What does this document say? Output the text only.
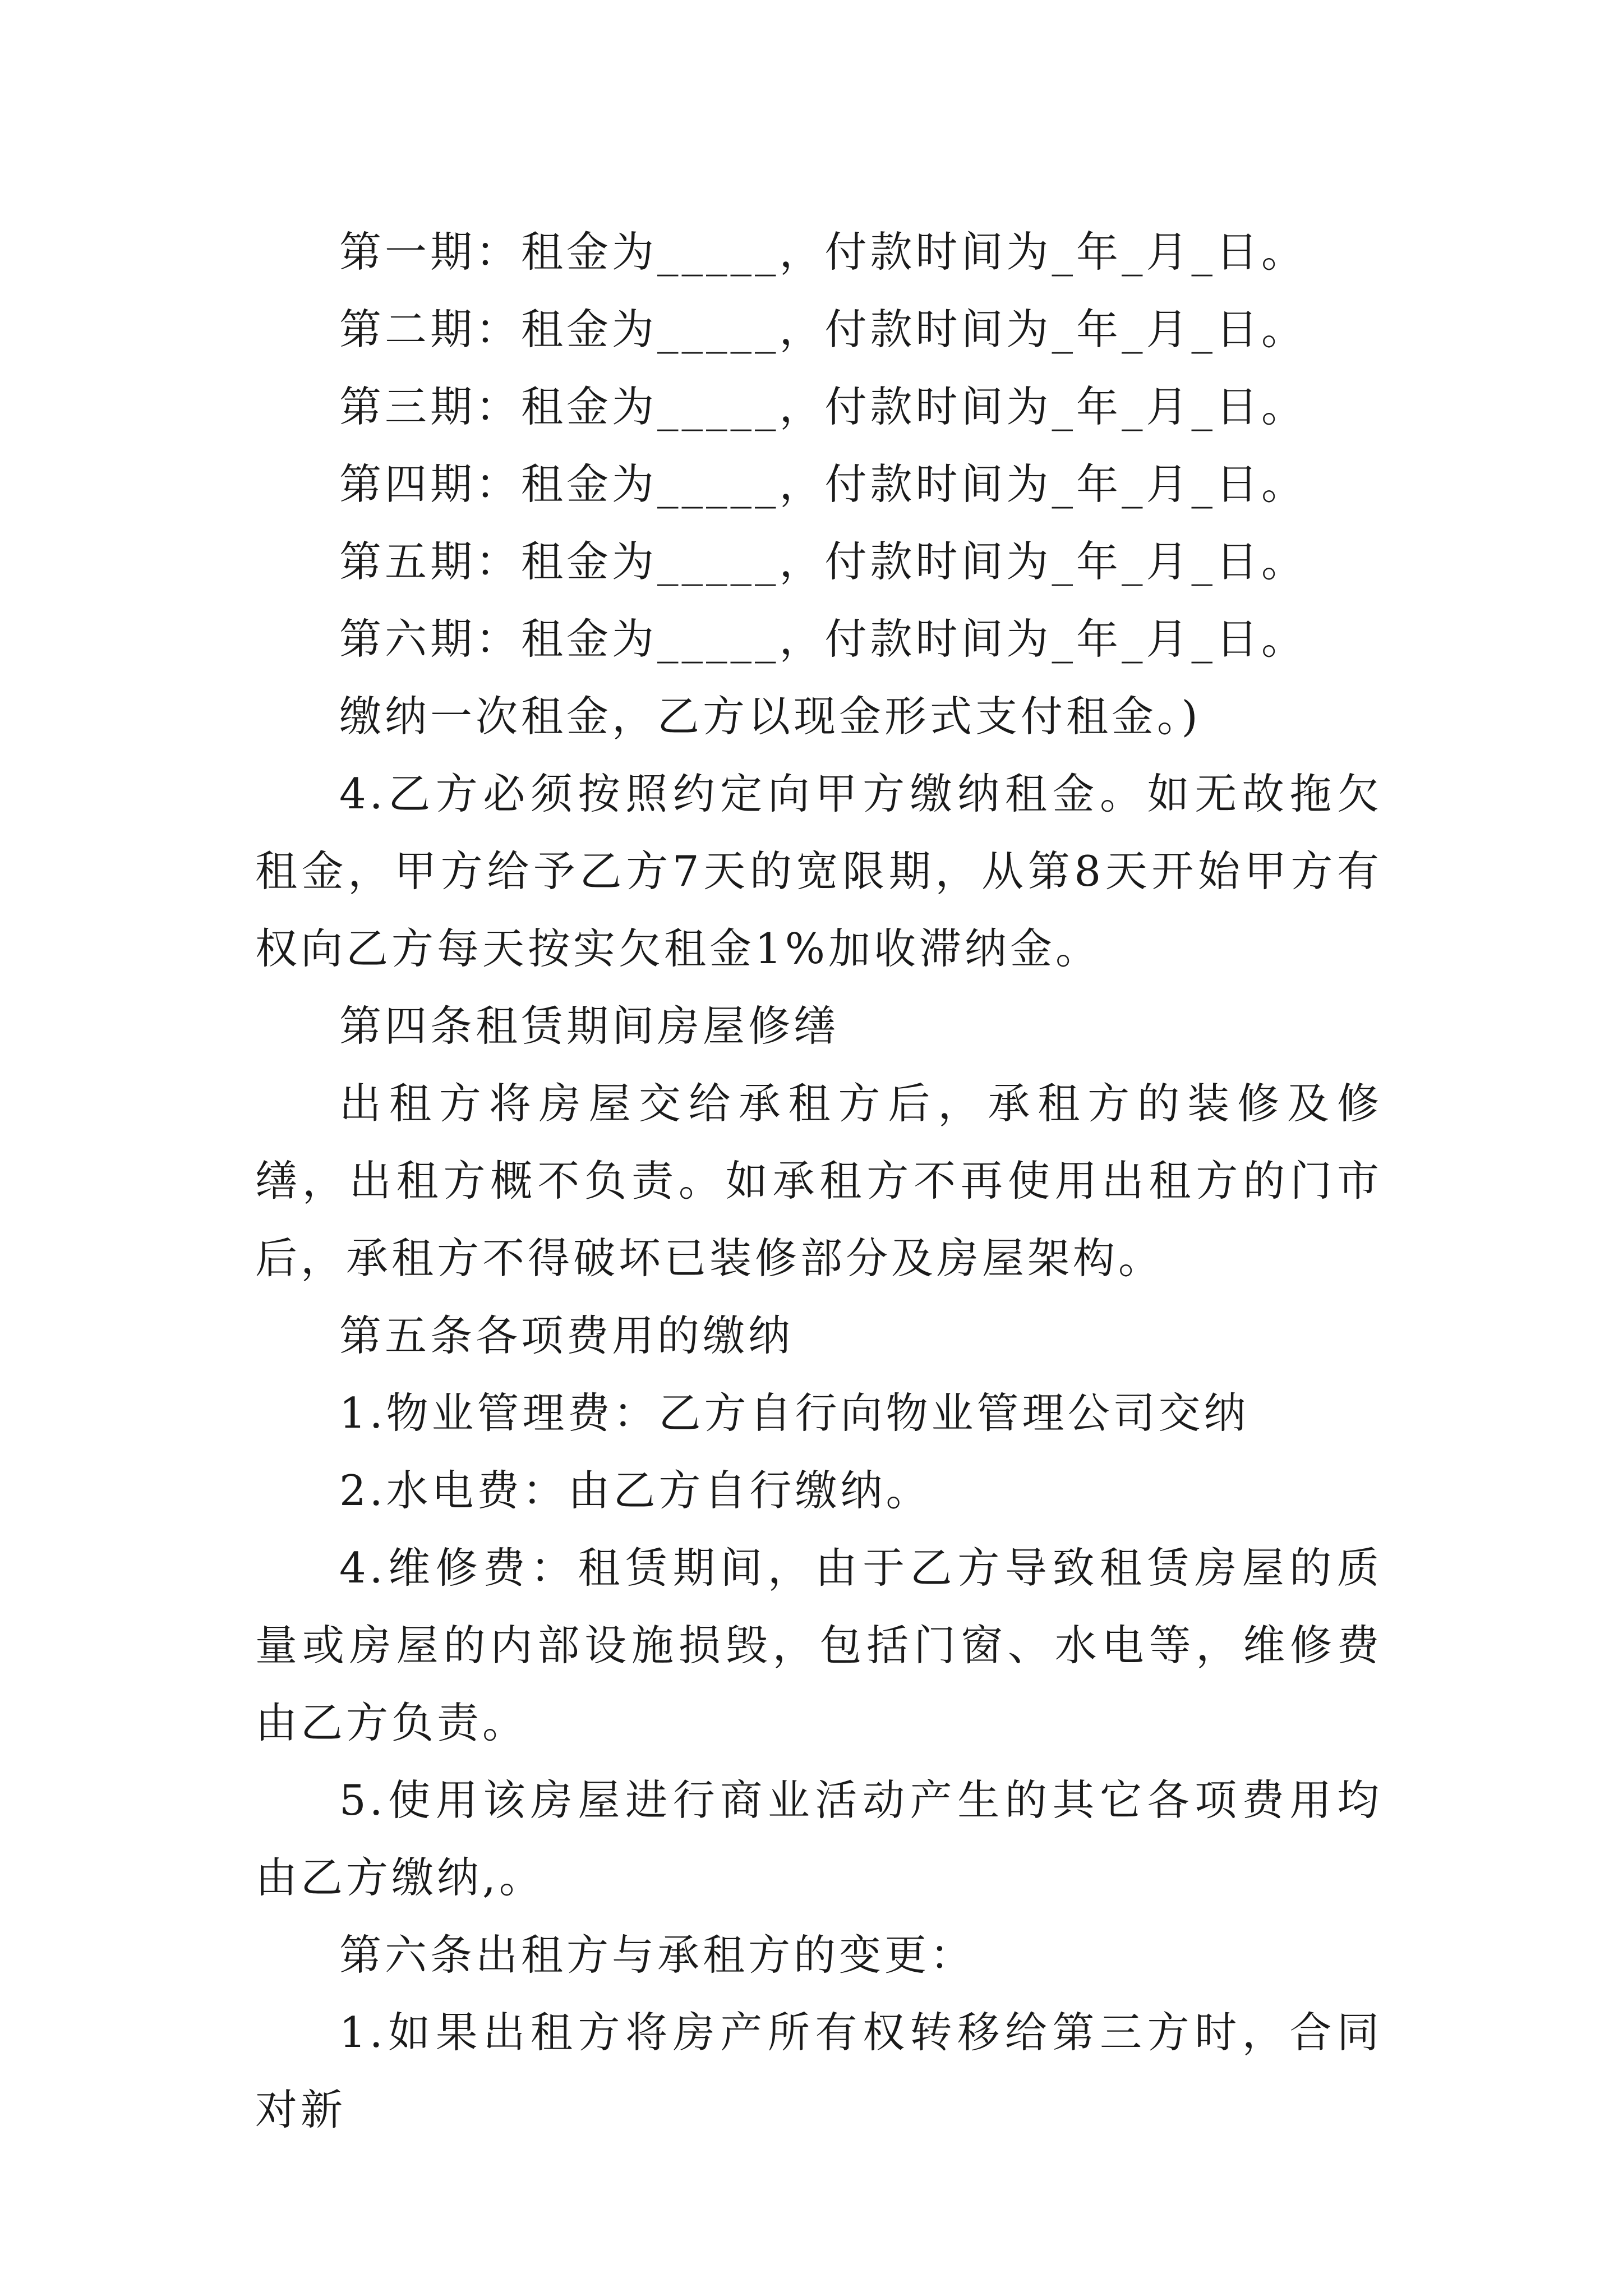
第一期：租金为_____，付款时间为_年_月_日。

第二期：租金为_____，付款时间为_年_月_日。

第三期：租金为_____，付款时间为_年_月_日。

第四期：租金为_____，付款时间为_年_月_日。

第五期：租金为_____，付款时间为_年_月_日。

第六期：租金为_____，付款时间为_年_月_日。

缴纳一次租金，乙方以现金形式支付租金。)

4.乙方必须按照约定向甲方缴纳租金。如无故拖欠租金，甲方给予乙方7天的宽限期，从第8天开始甲方有权向乙方每天按实欠租金1%加收滞纳金。

第四条租赁期间房屋修缮

出租方将房屋交给承租方后，承租方的装修及修缮，出租方概不负责。如承租方不再使用出租方的门市后，承租方不得破坏已装修部分及房屋架构。

第五条各项费用的缴纳

1.物业管理费：乙方自行向物业管理公司交纳

2.水电费：由乙方自行缴纳。

4.维修费：租赁期间，由于乙方导致租赁房屋的质量或房屋的内部设施损毁，包括门窗、水电等，维修费由乙方负责。

5.使用该房屋进行商业活动产生的其它各项费用均由乙方缴纳,。

第六条出租方与承租方的变更：

1.如果出租方将房产所有权转移给第三方时，合同对新
